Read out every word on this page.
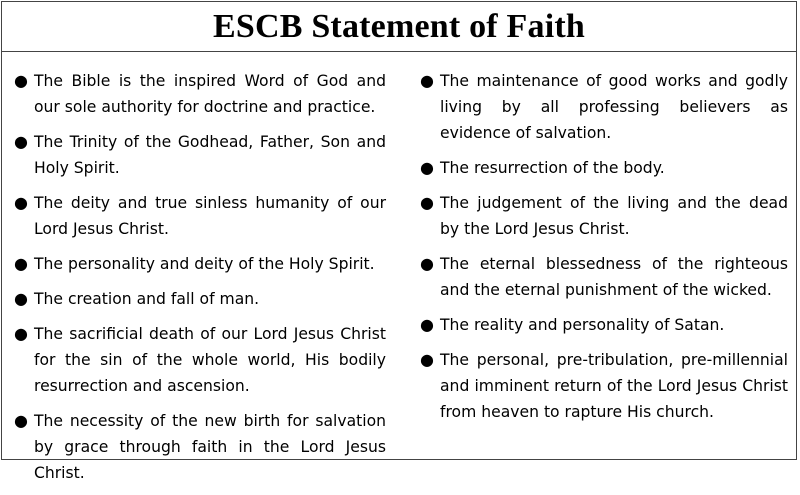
ESCB Statement of Faith
● The Bible is the inspired Word of God and our sole authority for doctrine and practice.
● The Trinity of the Godhead, Father, Son and Holy Spirit.
● The deity and true sinless humanity of our Lord Jesus Christ.
● The personality and deity of the Holy Spirit.
● The creation and fall of man.
● The sacrificial death of our Lord Jesus Christ for the sin of the whole world, His bodily resurrection and ascension.
● The necessity of the new birth for salvation by grace through faith in the Lord Jesus Christ.
● The maintenance of good works and godly living by all professing believers as evidence of salvation.
● The resurrection of the body.
● The judgement of the living and the dead by the Lord Jesus Christ.
● The eternal blessedness of the righteous and the eternal punishment of the wicked.
● The reality and personality of Satan.
● The personal, pre-tribulation, pre-millennial and imminent return of the Lord Jesus Christ from heaven to rapture His church.
